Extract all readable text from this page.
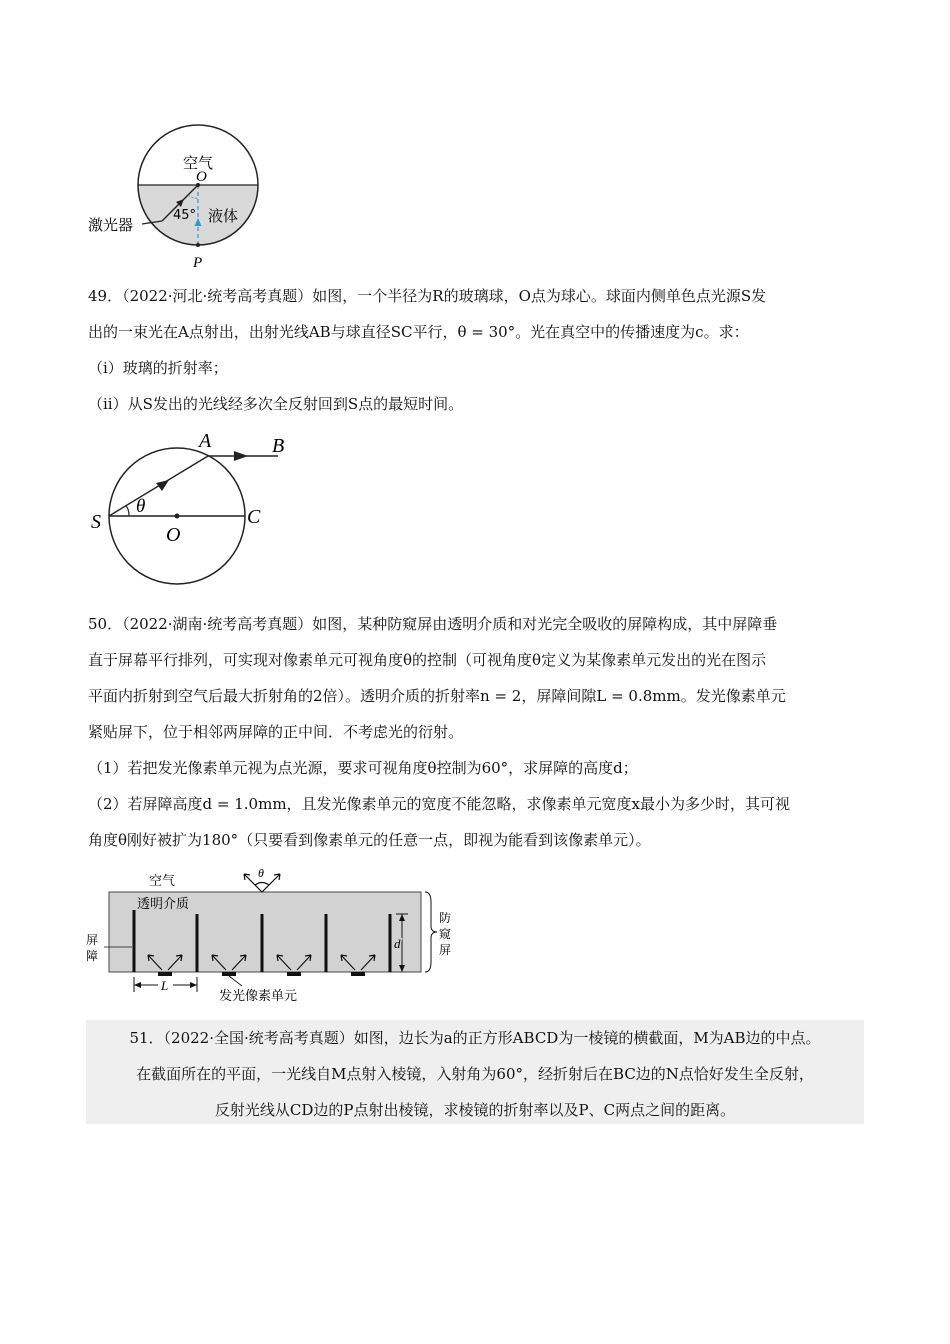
空气
O
45° 液体
激光器
P
49．（2022·河北·统考高考真题）如图，一个半径为R的玻璃球，O点为球心。球面内侧单色点光源S发
出的一束光在A点射出，出射光线AB与球直径SC平行，θ = 30°。光在真空中的传播速度为c。求：
（i）玻璃的折射率；
（ii）从S发出的光线经多次全反射回到S点的最短时间。
A	B
S
θ
O
C
50．（2022·湖南·统考高考真题）如图，某种防窥屏由透明介质和对光完全吸收的屏障构成，其中屏障垂
直于屏幕平行排列，可实现对像素单元可视角度θ的控制（可视角度θ定义为某像素单元发出的光在图示
平面内折射到空气后最大折射角的2倍）。透明介质的折射率n = 2，屏障间隙L = 0.8mm。发光像素单元
紧贴屏下，位于相邻两屏障的正中间．不考虑光的衍射。
（1）若把发光像素单元视为点光源，要求可视角度θ控制为60°，求屏障的高度d；
（2）若屏障高度d = 1.0mm，且发光像素单元的宽度不能忽略，求像素单元宽度x最小为多少时，其可视
角度θ刚好被扩为180°（只要看到像素单元的任意一点，即视为能看到该像素单元）。
空气
θ
透明介质
屏
障
屏障
防
窥
屏
防窥屏
d
L
发光像素单元
51．（2022·全国·统考高考真题）如图，边长为a的正方形ABCD为一棱镜的横截面，M为AB边的中点。
在截面所在的平面，一光线自M点射入棱镜，入射角为60°，经折射后在BC边的N点恰好发生全反射，
反射光线从CD边的P点射出棱镜，求棱镜的折射率以及P、C两点之间的距离。
